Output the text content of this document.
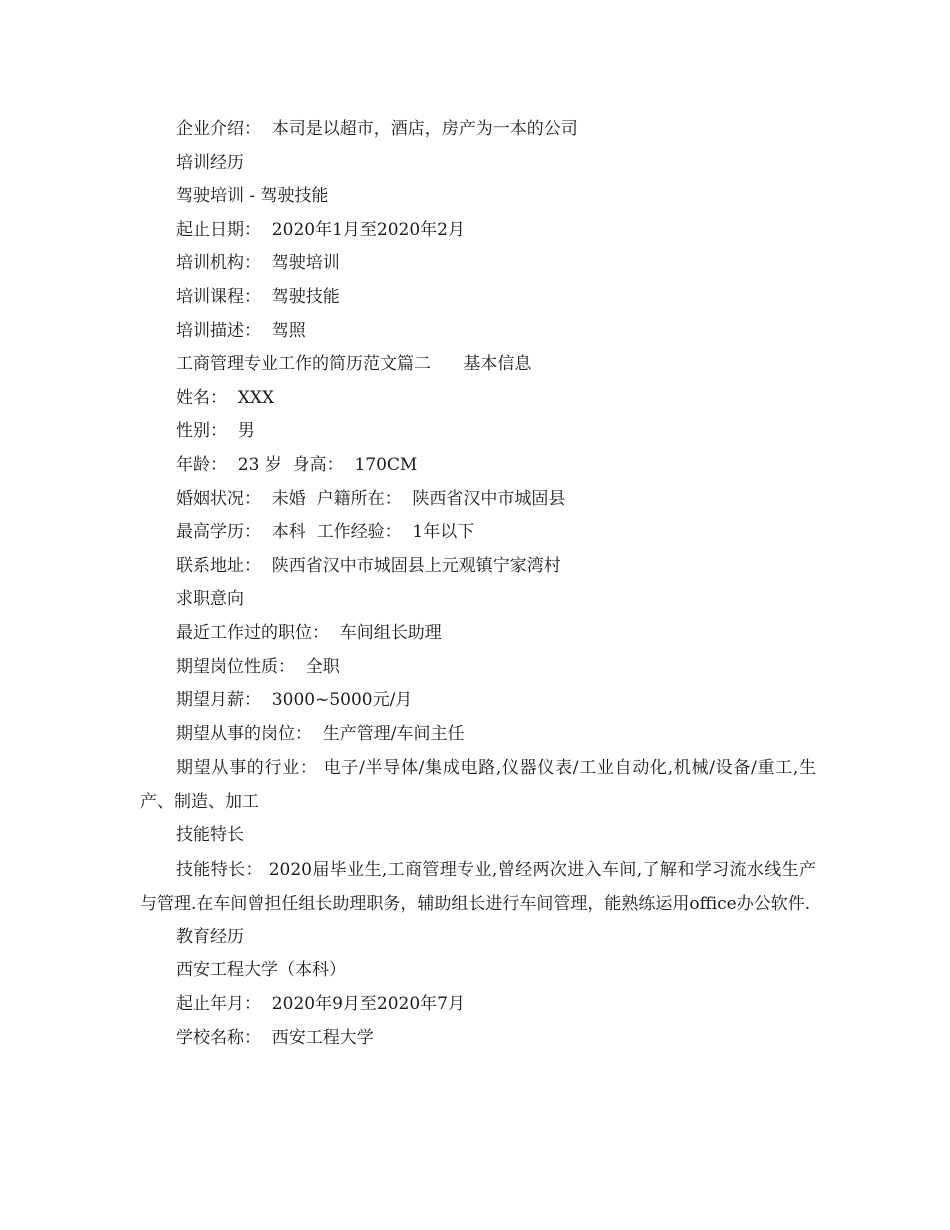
企业介绍：  本司是以超市，酒店，房产为一本的公司
培训经历
驾驶培训 - 驾驶技能
起止日期：  2020年1月至2020年2月
培训机构：  驾驶培训
培训课程：  驾驶技能
培训描述：  驾照
工商管理专业工作的简历范文篇二      基本信息
姓名：  XXX
性别：  男
年龄：  23 岁  身高：  170CM
婚姻状况：  未婚  户籍所在：  陕西省汉中市城固县
最高学历：  本科  工作经验：  1年以下
联系地址：  陕西省汉中市城固县上元观镇宁家湾村
求职意向
最近工作过的职位：  车间组长助理
期望岗位性质：  全职
期望月薪：  3000~5000元/月
期望从事的岗位：  生产管理/车间主任

期望从事的行业： 电子/半导体/集成电路,仪器仪表/工业自动化,机械/设备/重工,生产、制造、加工

技能特长

技能特长： 2020届毕业生,工商管理专业,曾经两次进入车间,了解和学习流水线生产与管理.在车间曾担任组长助理职务，辅助组长进行车间管理，能熟练运用office办公软件.

教育经历
西安工程大学（本科）
起止年月：  2020年9月至2020年7月
学校名称：  西安工程大学
